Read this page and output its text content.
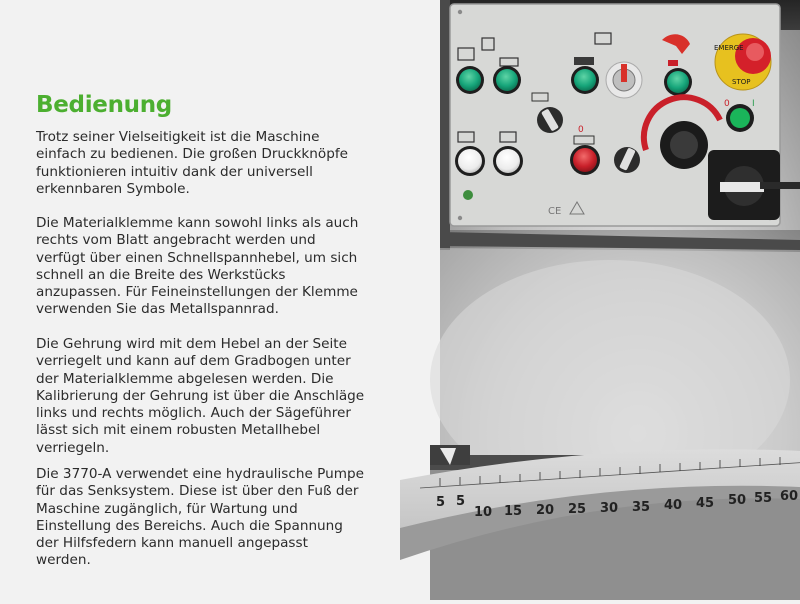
Bedienung

Trotz seiner Vielseitigkeit ist die Maschine einfach zu bedienen. Die großen Druckknöpfe funktionieren intuitiv dank der universell erkennbaren Symbole.

Die Materialklemme kann sowohl links als auch rechts vom Blatt angebracht werden und verfügt über einen Schnellspannhebel, um sich schnell an die Breite des Werkstücks anzupassen. Für Feineinstellungen der Klemme verwenden Sie das Metallspannrad.

Die Gehrung wird mit dem Hebel an der Seite verriegelt und kann auf dem Gradbogen unter der Materialklemme abgelesen werden. Die Kalibrierung der Gehrung ist über die Anschläge links und rechts möglich. Auch der Sägeführer lässt sich mit einem robusten Metallhebel verriegeln.

Die 3770-A verwendet eine hydraulische Pumpe für das Senksystem. Diese ist über den Fuß der Maschine zugänglich, für Wartung und Einstellung des Bereichs. Auch die Spannung der Hilfsfedern kann manuell angepasst werden.

EMERGE
STOP
0 I
0
CE
5 5
10 15 20 25 30 35 40 45 50 55 60
